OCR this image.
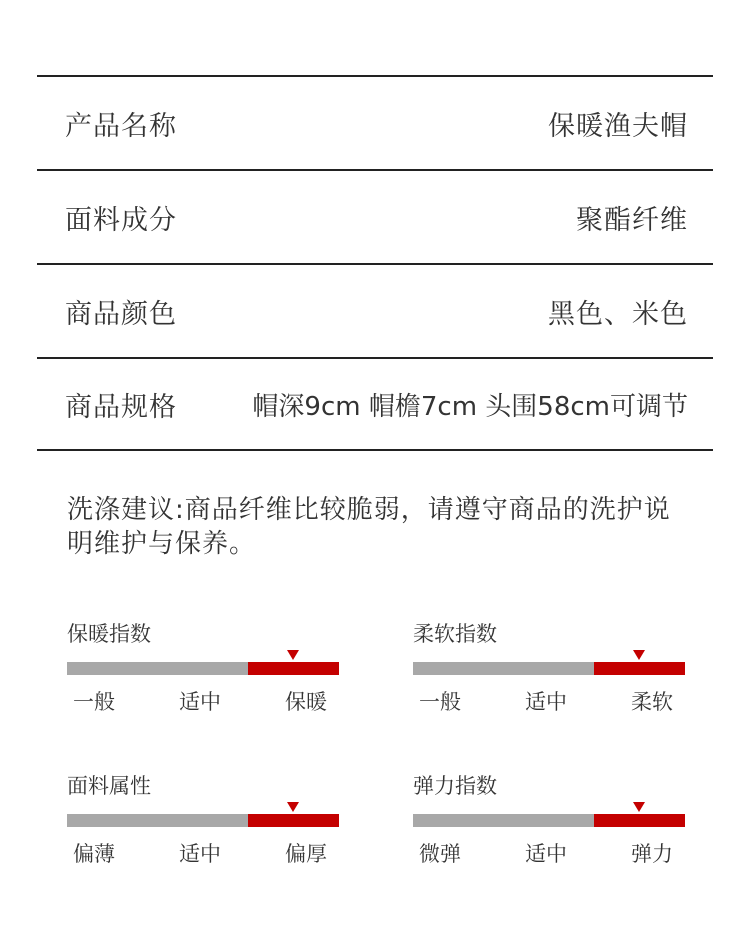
产品名称	保暖渔夫帽
面料成分	聚酯纤维
商品颜色	黑色、米色
商品规格	帽深9cm 帽檐7cm 头围58cm可调节
洗涤建议:商品纤维比较脆弱，请遵守商品的洗护说明维护与保养。
保暖指数
一般	适中	保暖
柔软指数
一般	适中	柔软
面料属性
偏薄	适中	偏厚
弹力指数
微弹	适中	弹力
